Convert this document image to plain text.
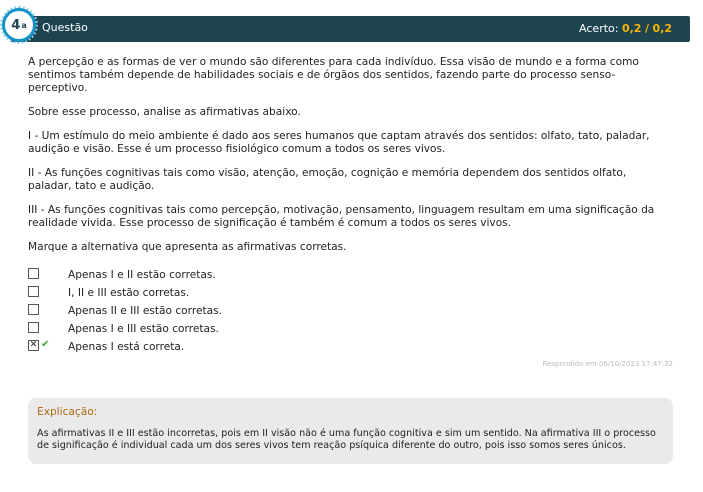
Questão	Acerto: 0,2 / 0,2
4 a

A percepção e as formas de ver o mundo são diferentes para cada indivíduo. Essa visão de mundo e a forma como sentimos também depende de habilidades sociais e de órgãos dos sentidos, fazendo parte do processo senso-perceptivo.

Sobre esse processo, analise as afirmativas abaixo.

I - Um estímulo do meio ambiente é dado aos seres humanos que captam através dos sentidos: olfato, tato, paladar, audição e visão. Esse é um processo fisiológico comum a todos os seres vivos.

II - As funções cognitivas tais como visão, atenção, emoção, cognição e memória dependem dos sentidos olfato, paladar, tato e audição.

III - As funções cognitivas tais como percepção, motivação, pensamento, linguagem resultam em uma significação da realidade vivida. Esse processo de significação é também é comum a todos os seres vivos.

Marque a alternativa que apresenta as afirmativas corretas.

Apenas I e II estão corretas.
I, II e III estão corretas.
Apenas II e III estão corretas.
Apenas I e III estão corretas.
✕ ✔ Apenas I está correta.
Respondido em 06/10/2023 17:47:32
Explicação:
As afirmativas II e III estão incorretas, pois em II visão não é uma função cognitiva e sim um sentido. Na afirmativa III o processo de significação é individual cada um dos seres vivos tem reação psíquica diferente do outro, pois isso somos seres únicos.
